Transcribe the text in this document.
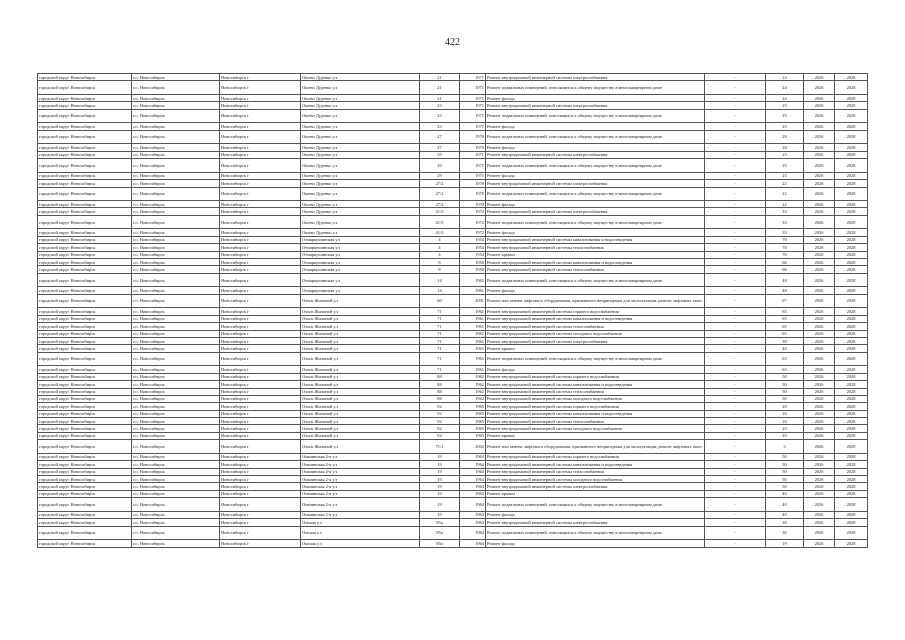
422
городской округ Новосибирск	г.о. Новосибирск	Новосибирск г	Ошево Дуденко у.э	21	1971	Ремонт внутридомовой инженерной системы электроснабжения	-	24	2026	2028
городской округ Новосибирск	г.о. Новосибирск	Новосибирск г	Ошево Дуденко у.э	21	1971	Ремонт подвальных помещений, относящихся к общему имуществу в многоквартирном доме	-	24	2026	2028
городской округ Новосибирск	г.о. Новосибирск	Новосибирск г	Ошево Дуденко у.э	21	1971	Ремонт фасада	-	24	2026	2028
городской округ Новосибирск	г.о. Новосибирск	Новосибирск г	Ошево Дуденко у.э	23	1971	Ремонт внутридомовой инженерной системы электроснабжения	-	25	2026	2028
городской округ Новосибирск	г.о. Новосибирск	Новосибирск г	Ошево Дуденко у.э	23	1971	Ремонт подвальных помещений, относящихся к общему имуществу в многоквартирном доме	-	25	2026	2028
городской округ Новосибирск	г.о. Новосибирск	Новосибирск г	Ошево Дуденко у.э	23	1971	Ремонт фасада	-	25	2026	2028
городской округ Новосибирск	г.о. Новосибирск	Новосибирск г	Ошево Дуденко у.э	27	1970	Ремонт подвальных помещений, относящихся к общему имуществу в многоквартирном доме	-	28	2026	2028
городской округ Новосибирск	г.о. Новосибирск	Новосибирск г	Ошево Дуденко у.э	27	1970	Ремонт фасада	-	28	2026	2028
городской округ Новосибирск	г.о. Новосибирск	Новосибирск г	Ошево Дуденко у.э	29	1971	Ремонт внутридомовой инженерной системы электроснабжения	-	25	2026	2028
городской округ Новосибирск	г.о. Новосибирск	Новосибирск г	Ошево Дуденко у.э	29	1971	Ремонт подвальных помещений, относящихся к общему имуществу в многоквартирном доме	-	25	2026	2028
городской округ Новосибирск	г.о. Новосибирск	Новосибирск г	Ошево Дуденко у.э	29	1971	Ремонт фасада	-	25	2026	2028
городской округ Новосибирск	г.о. Новосибирск	Новосибирск г	Ошево Дуденко у.э	27/2	1970	Ремонт внутридомовой инженерной системы электроснабжения	-	22	2026	2028
городской округ Новосибирск	г.о. Новосибирск	Новосибирск г	Ошево Дуденко у.э	27/2	1970	Ремонт подвальных помещений, относящихся к общему имуществу в многоквартирном доме	-	22	2026	2028
городской округ Новосибирск	г.о. Новосибирск	Новосибирск г	Ошево Дуденко у.э	27/2	1970	Ремонт фасада	-	22	2026	2028
городской округ Новосибирск	г.о. Новосибирск	Новосибирск г	Ошево Дуденко у.э	21/3	1972	Ремонт внутридомовой инженерной системы электроснабжения	-	33	2026	2028
городской округ Новосибирск	г.о. Новосибирск	Новосибирск г	Ошево Дуденко у.э	21/3	1972	Ремонт подвальных помещений, относящихся к общему имуществу в многоквартирном доме	-	33	2026	2028
городской округ Новосибирск	г.о. Новосибирск	Новосибирск г	Ошево Дуденко у.э	21/3	1972	Ремонт фасада	-	33	2026	2028
городской округ Новосибирск	г.о. Новосибирск	Новосибирск г	Отмаркушинская у.э	4	1954	Ремонт внутридомовой инженерной системы канализования и водоотведения	-	70	2026	2028
городской округ Новосибирск	г.о. Новосибирск	Новосибирск г	Отмаркушинская у.э	4	1954	Ремонт внутридомовой инженерной системы теплоснабжения	-	70	2026	2028
городской округ Новосибирск	г.о. Новосибирск	Новосибирск г	Отмаркушинская у.э	4	1954	Ремонт крыши	-	70	2026	2028
городской округ Новосибирск	г.о. Новосибирск	Новосибирск г	Отмаркушинская у.э	8	1950	Ремонт внутридомовой инженерной системы канализования и водоотведения	-	66	2026	2028
городской округ Новосибирск	г.о. Новосибирск	Новосибирск г	Отмаркушинская у.э	8	1950	Ремонт внутридомовой инженерной системы теплоснабжения	-	66	2026	2028
городской округ Новосибирск	г.о. Новосибирск	Новосибирск г	Отмаркушинская у.э	14	1961	Ремонт подвальных помещений, относящихся к общему имуществу в многоквартирном доме	-	48	2026	2028
городской округ Новосибирск	г.о. Новосибирск	Новосибирск г	Отмаркушинская у.э	14	1961	Ремонт фасада	-	48	2026	2028
городской округ Новосибирск	г.о. Новосибирск	Новосибирск г	Ольги Жилиной у.э	60	2001	Ремонт или замена лифтового оборудования, признанного непригодным для эксплуатации, ремонт лифтовых шахт	-	6*	2026	2028
городской округ Новосибирск	г.о. Новосибирск	Новосибирск г	Ольги Жилиной у.э	71	1961	Ремонт внутридомовой инженерной системы горячего водоснабжения	-	65	2026	2028
городской округ Новосибирск	г.о. Новосибирск	Новосибирск г	Ольги Жилиной у.э	71	1961	Ремонт внутридомовой инженерной системы канализования и водоотведения	-	65	2026	2028
городской округ Новосибирск	г.о. Новосибирск	Новосибирск г	Ольги Жилиной у.э	71	1961	Ремонт внутридомовой инженерной системы теплоснабжения	-	65	2026	2028
городской округ Новосибирск	г.о. Новосибирск	Новосибирск г	Ольги Жилиной у.э	71	1961	Ремонт внутридомовой инженерной системы холодного водоснабжения	-	65	2026	2028
городской округ Новосибирск	г.о. Новосибирск	Новосибирск г	Ольги Жилиной у.э	71	1961	Ремонт внутридомовой инженерной системы электроснабжения	-	30	2026	2028
городской округ Новосибирск	г.о. Новосибирск	Новосибирск г	Ольги Жилиной у.э	71	1961	Ремонт крыши	-	40	2026	2028
городской округ Новосибирск	г.о. Новосибирск	Новосибирск г	Ольги Жилиной у.э	71	1961	Ремонт подвальных помещений, относящихся к общему имуществу в многоквартирном доме	-	63	2026	2028
городской округ Новосибирск	г.о. Новосибирск	Новосибирск г	Ольги Жилиной у.э	71	1961	Ремонт фасада	-	63	2026	2028
городской округ Новосибирск	г.о. Новосибирск	Новосибирск г	Ольги Жилиной у.э	88	1962	Ремонт внутридомовой инженерной системы горячего водоснабжения	-	50	2026	2028
городской округ Новосибирск	г.о. Новосибирск	Новосибирск г	Ольги Жилиной у.э	88	1962	Ремонт внутридомовой инженерной системы канализования и водоотведения	-	50	2026	2028
городской округ Новосибирск	г.о. Новосибирск	Новосибирск г	Ольги Жилиной у.э	88	1962	Ремонт внутридомовой инженерной системы теплоснабжения	-	50	2026	2028
городской округ Новосибирск	г.о. Новосибирск	Новосибирск г	Ольги Жилиной у.э	88	1962	Ремонт внутридомовой инженерной системы холодного водоснабжения	-	50	2026	2028
городской округ Новосибирск	г.о. Новосибирск	Новосибирск г	Ольги Жилиной у.э	92	1965	Ремонт внутридомовой инженерной системы горячего водоснабжения	-	20	2026	2028
городской округ Новосибирск	г.о. Новосибирск	Новосибирск г	Ольги Жилиной у.э	92	1965	Ремонт внутридомовой инженерной системы канализования и водоотведения	-	20	2026	2028
городской округ Новосибирск	г.о. Новосибирск	Новосибирск г	Ольги Жилиной у.э	92	1965	Ремонт внутридомовой инженерной системы теплоснабжения	-	20	2026	2028
городской округ Новосибирск	г.о. Новосибирск	Новосибирск г	Ольги Жилиной у.э	92	1965	Ремонт внутридомовой инженерной системы холодного водоснабжения	-	20	2026	2028
городской округ Новосибирск	г.о. Новосибирск	Новосибирск г	Ольги Жилиной у.э	92	1965	Ремонт крыши	-	20	2026	2028
городской округ Новосибирск	г.о. Новосибирск	Новосибирск г	Ольги Жилиной у.э	71/1	2002	Ремонт или замена лифтового оборудования, признанного непригодным для эксплуатации, ремонт лифтовых шахт	-	3	2026	2028
городской округ Новосибирск	г.о. Новосибирск	Новосибирск г	Омьчинская 2-я у.э	19	1964	Ремонт внутридомовой инженерной системы горячего водоснабжения	-	50	2026	2028
городской округ Новосибирск	г.о. Новосибирск	Новосибирск г	Омьчинская 2-я у.э	19	1964	Ремонт внутридомовой инженерной системы канализования и водоотведения	-	50	2026	2028
городской округ Новосибирск	г.о. Новосибирск	Новосибирск г	Омьчинская 2-я у.э	19	1964	Ремонт внутридомовой инженерной системы теплоснабжения	-	50	2026	2028
городской округ Новосибирск	г.о. Новосибирск	Новосибирск г	Омьчинская 2-я у.э	19	1964	Ремонт внутридомовой инженерной системы холодного водоснабжения	-	50	2026	2028
городской округ Новосибирск	г.о. Новосибирск	Новосибирск г	Омьчинская 2-я у.э	19	1964	Ремонт внутридомовой инженерной системы электроснабжения	-	50	2026	2028
городской округ Новосибирск	г.о. Новосибирск	Новосибирск г	Омьчинская 2-я у.э	19	1964	Ремонт крыши	-	40	2026	2028
городской округ Новосибирск	г.о. Новосибирск	Новосибирск г	Омьчинская 2-я у.э	19	1964	Ремонт подвальных помещений, относящихся к общему имуществу в многоквартирном доме	-	40	2026	2028
городской округ Новосибирск	г.о. Новосибирск	Новосибирск г	Омьчинская 2-я у.э	19	1964	Ремонт фасада	-	40	2026	2028
городской округ Новосибирск	г.о. Новосибирск	Новосибирск г	Омская у.э	85а	1964	Ремонт внутридомовой инженерной системы электроснабжения	-	30	2026	2028
городской округ Новосибирск	г.о. Новосибирск	Новосибирск г	Омская у.э	85а	1964	Ремонт подвальных помещений, относящихся к общему имуществу в многоквартирном доме	-	30	2026	2028
городской округ Новосибирск	г.о. Новосибирск	Новосибирск г	Омская у.э	85а	1964	Ремонт фасада	-	19	2026	2028
